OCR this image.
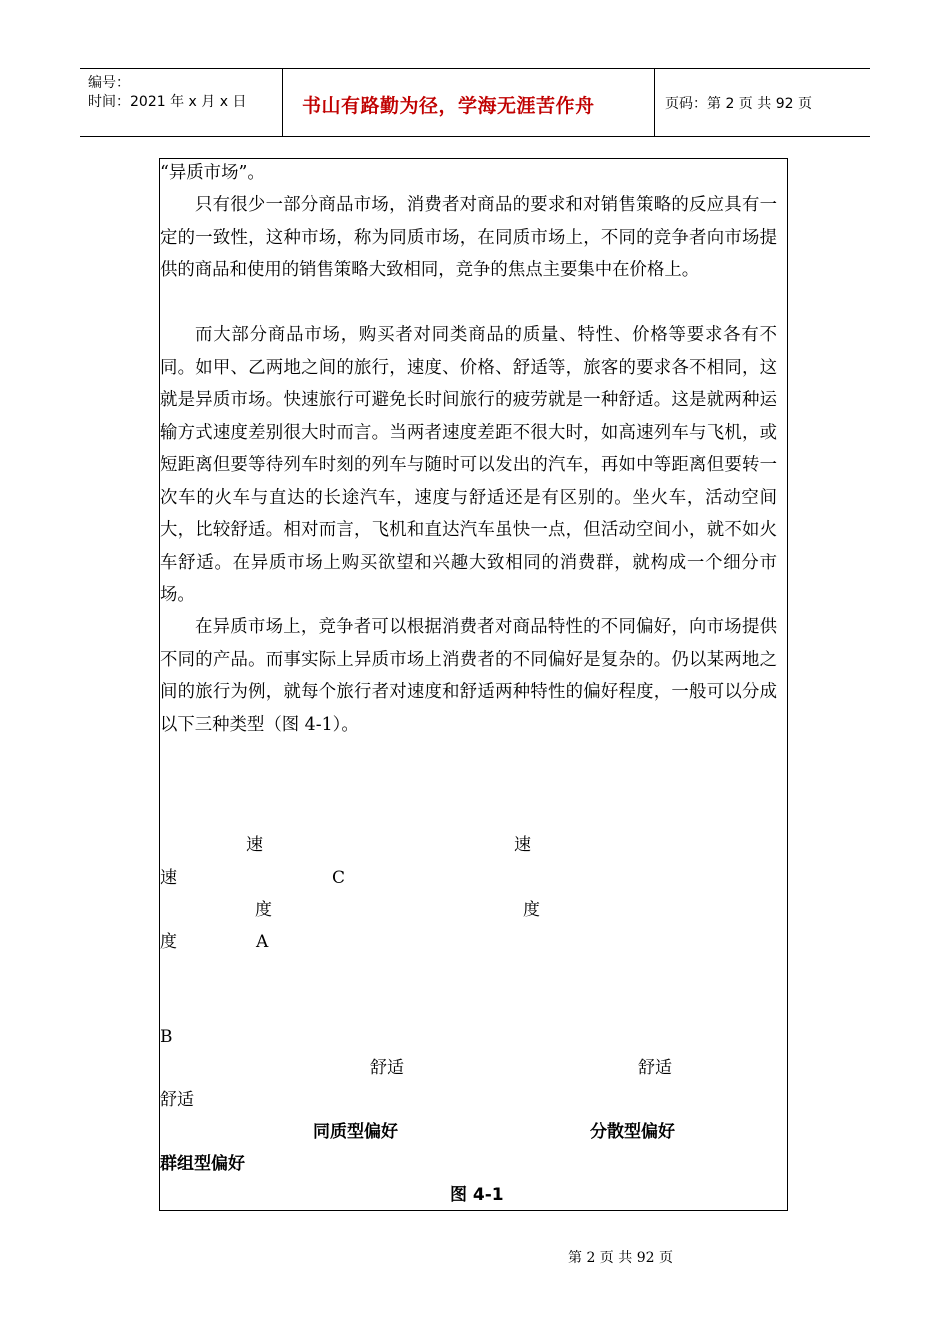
编号：
时间：2021 年 x 月 x 日	书山有路勤为径，学海无涯苦作舟	页码：第 2 页 共 92 页

“异质市场”。

只有很少一部分商品市场，消费者对商品的要求和对销售策略的反应具有一定的一致性，这种市场，称为同质市场，在同质市场上，不同的竞争者向市场提供的商品和使用的销售策略大致相同，竞争的焦点主要集中在价格上。

而大部分商品市场，购买者对同类商品的质量、特性、价格等要求各有不同。如甲、乙两地之间的旅行，速度、价格、舒适等，旅客的要求各不相同，这就是异质市场。快速旅行可避免长时间旅行的疲劳就是一种舒适。这是就两种运输方式速度差别很大时而言。当两者速度差距不很大时，如高速列车与飞机，或短距离但要等待列车时刻的列车与随时可以发出的汽车，再如中等距离但要转一次车的火车与直达的长途汽车，速度与舒适还是有区别的。坐火车，活动空间大，比较舒适。相对而言，飞机和直达汽车虽快一点，但活动空间小，就不如火车舒适。在异质市场上购买欲望和兴趣大致相同的消费群，就构成一个细分市场。

在异质市场上，竞争者可以根据消费者对商品特性的不同偏好，向市场提供不同的产品。而事实际上异质市场上消费者的不同偏好是复杂的。仍以某两地之间的旅行为例，就每个旅行者对速度和舒适两种特性的偏好程度，一般可以分成以下三种类型（图 4-1）。

速	速
速	C
度	度
度	A
B
舒适	舒适
舒适
同质型偏好	分散型偏好
群组型偏好
图 4-1
第 2 页 共 92 页
